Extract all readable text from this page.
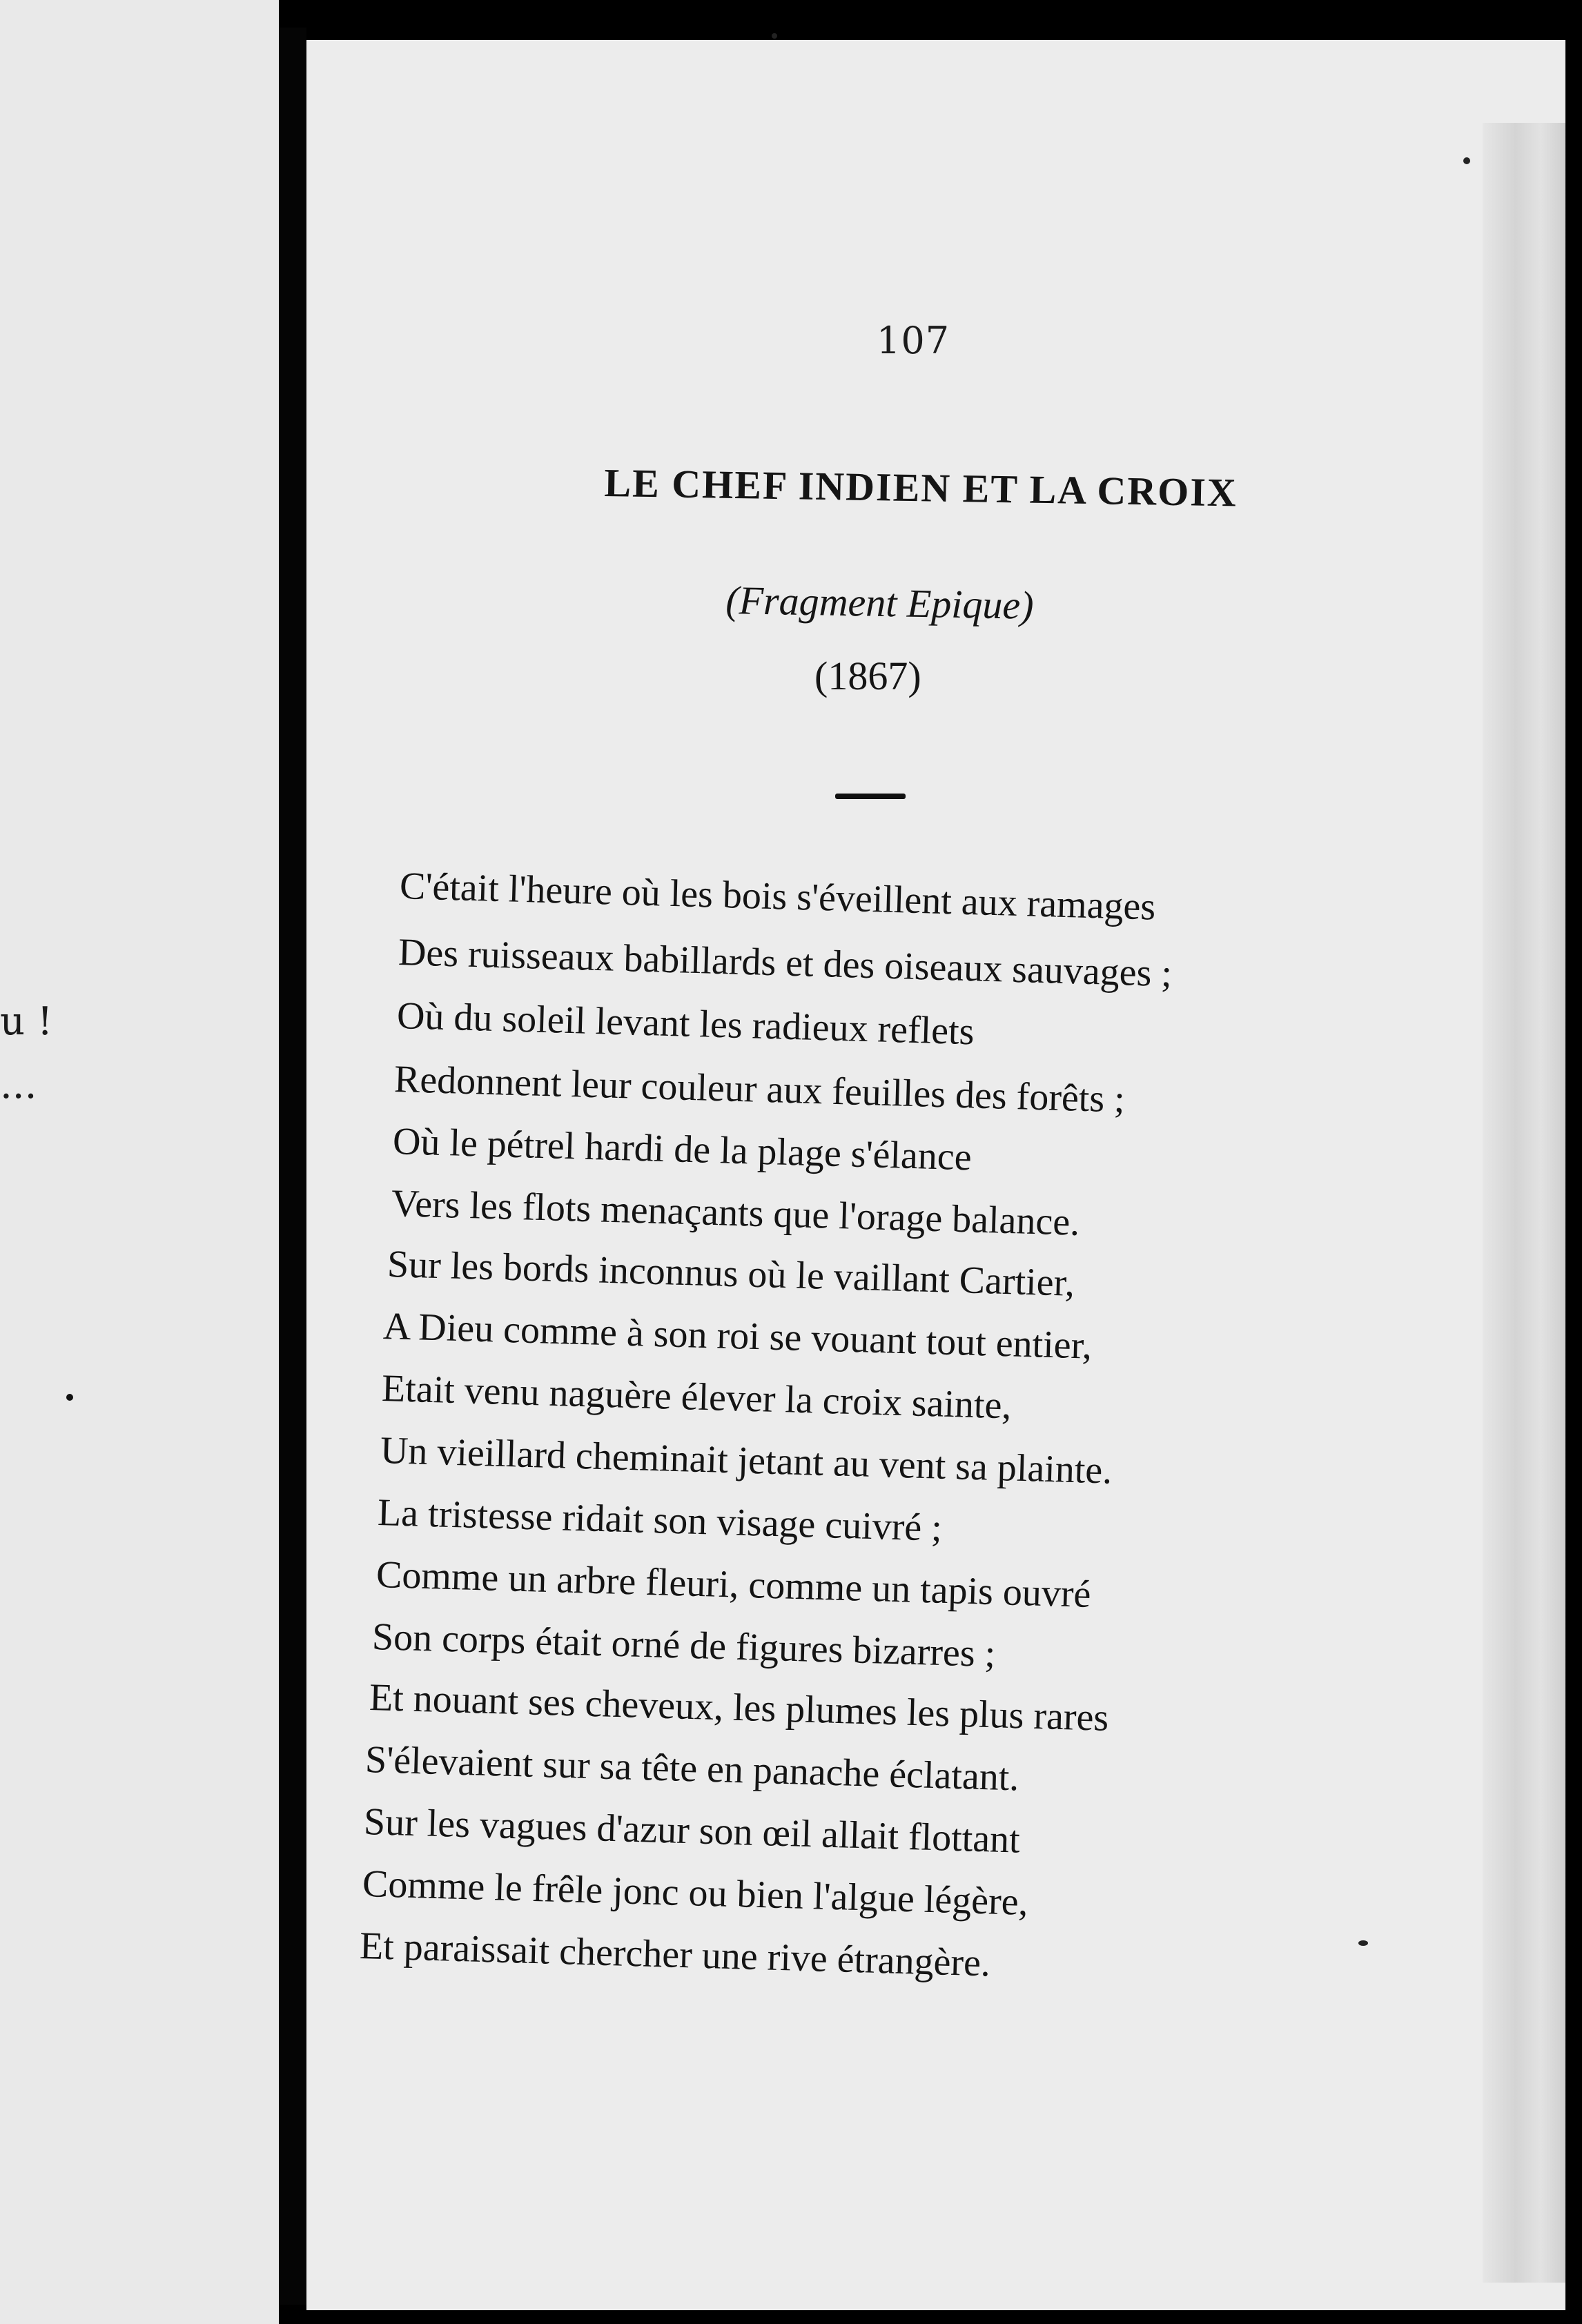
u !
...
107
LE CHEF INDIEN ET LA CROIX
(Fragment Epique)
(1867)
C'était l'heure où les bois s'éveillent aux ramages
Des ruisseaux babillards et des oiseaux sauvages ;
Où du soleil levant les radieux reflets
Redonnent leur couleur aux feuilles des forêts ;
Où le pétrel hardi de la plage s'élance
Vers les flots menaçants que l'orage balance.
Sur les bords inconnus où le vaillant Cartier,
A Dieu comme à son roi se vouant tout entier,
Etait venu naguère élever la croix sainte,
Un vieillard cheminait jetant au vent sa plainte.
La tristesse ridait son visage cuivré ;
Comme un arbre fleuri, comme un tapis ouvré
Son corps était orné de figures bizarres ;
Et nouant ses cheveux, les plumes les plus rares
S'élevaient sur sa tête en panache éclatant.
Sur les vagues d'azur son œil allait flottant
Comme le frêle jonc ou bien l'algue légère,
Et paraissait chercher une rive étrangère.
